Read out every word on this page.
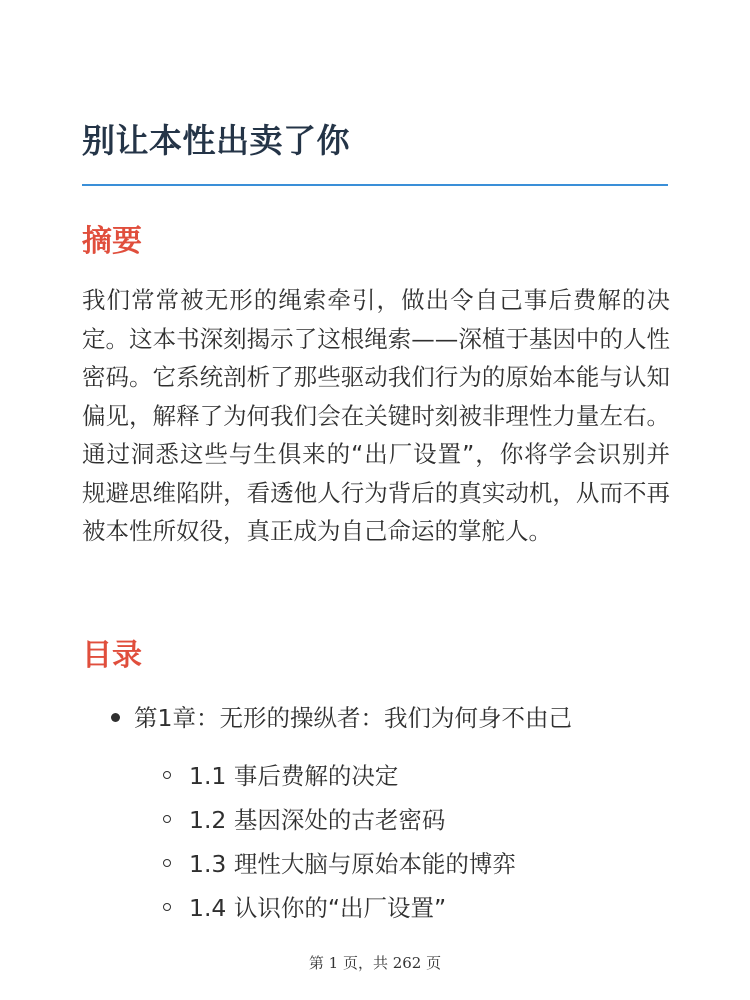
别让本性出卖了你
摘要

我们常常被无形的绳索牵引，做出令自己事后费解的决定。这本书深刻揭示了这根绳索——深植于基因中的人性密码。它系统剖析了那些驱动我们行为的原始本能与认知偏见，解释了为何我们会在关键时刻被非理性力量左右。通过洞悉这些与生俱来的“出厂设置”，你将学会识别并规避思维陷阱，看透他人行为背后的真实动机，从而不再被本性所奴役，真正成为自己命运的掌舵人。

目录
第1章：无形的操纵者：我们为何身不由己
1.1 事后费解的决定
1.2 基因深处的古老密码
1.3 理性大脑与原始本能的博弈
1.4 认识你的“出厂设置”
第 1 页，共 262 页
